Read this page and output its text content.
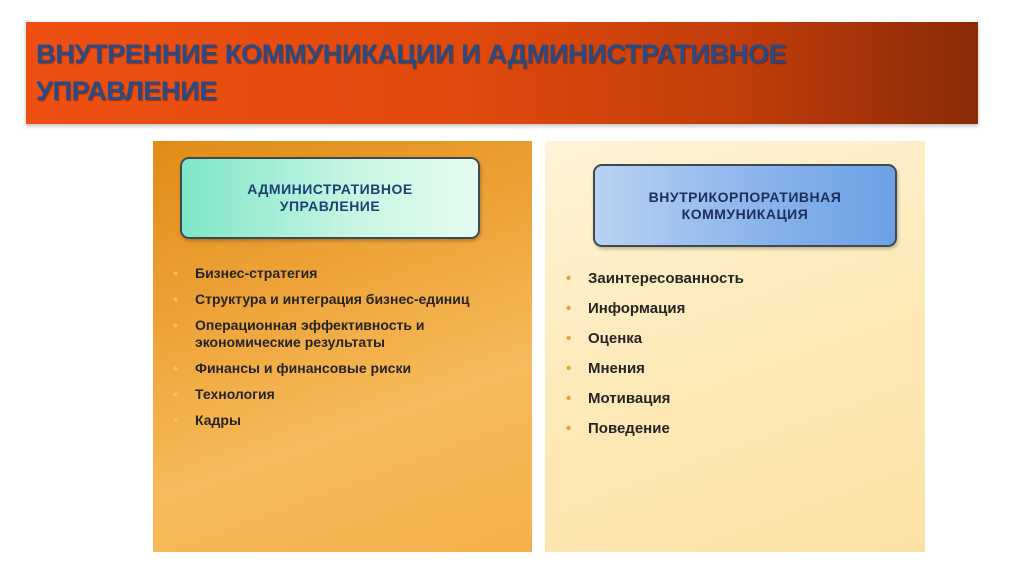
ВНУТРЕННИЕ КОММУНИКАЦИИ И АДМИНИСТРАТИВНОЕ УПРАВЛЕНИЕ
АДМИНИСТРАТИВНОЕ
УПРАВЛЕНИЕ
ВНУТРИКОРПОРАТИВНАЯ
КОММУНИКАЦИЯ
• Бизнес-стратегия
• Структура и интеграция бизнес-единиц
• Операционная эффективность и
экономические результаты
• Финансы и финансовые риски
• Технология
• Кадры
• Заинтересованность
• Информация
• Оценка
• Мнения
• Мотивация
• Поведение
